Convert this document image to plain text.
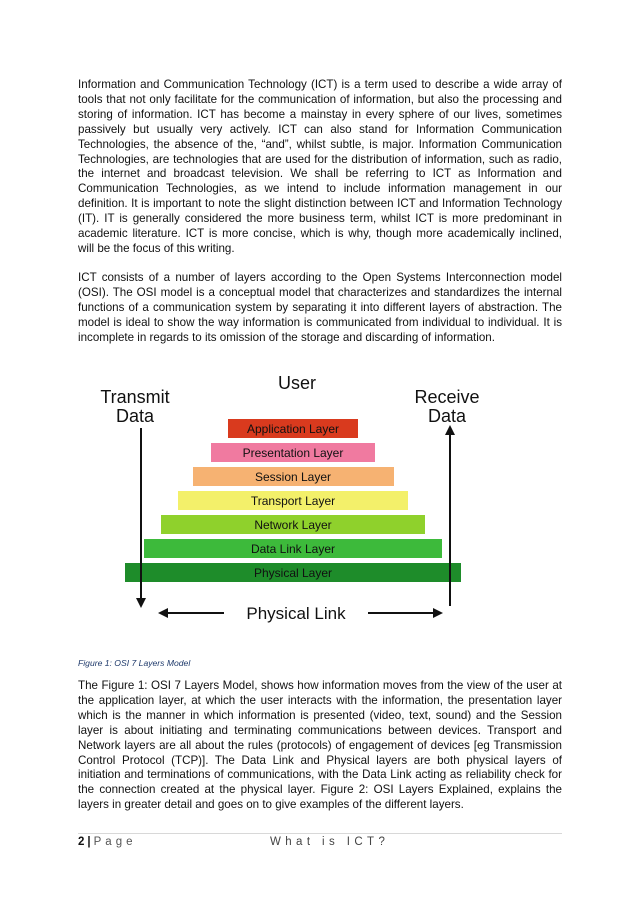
Information and Communication Technology (ICT) is a term used to describe a wide array of tools that not only facilitate for the communication of information, but also the processing and storing of information. ICT has become a mainstay in every sphere of our lives, sometimes passively but usually very actively. ICT can also stand for Information Communication Technologies, the absence of the, “and”, whilst subtle, is major. Information Communication Technologies, are technologies that are used for the distribution of information, such as radio, the internet and broadcast television. We shall be referring to ICT as Information and Communication Technologies, as we intend to include information management in our definition. It is important to note the slight distinction between ICT and Information Technology (IT). IT is generally considered the more business term, whilst ICT is more predominant in academic literature. ICT is more concise, which is why, though more academically inclined, will be the focus of this writing.

ICT consists of a number of layers according to the Open Systems Interconnection model (OSI). The OSI model is a conceptual model that characterizes and standardizes the internal functions of a communication system by separating it into different layers of abstraction. The model is ideal to show the way information is communicated from individual to individual. It is incomplete in regards to its omission of the storage and discarding of information.

User
Transmit
Data
Receive
Data
Application Layer
Presentation Layer
Session Layer
Transport Layer
Network Layer
Data Link Layer
Physical Layer
Physical Link
Figure 1: OSI 7 Layers Model

The Figure 1: OSI 7 Layers Model, shows how information moves from the view of the user at the application layer, at which the user interacts with the information, the presentation layer which is the manner in which information is presented (video, text, sound) and the Session layer is about initiating and terminating communications between devices. Transport and Network layers are all about the rules (protocols) of engagement of devices [eg Transmission Control Protocol (TCP)]. The Data Link and Physical layers are both physical layers of initiation and terminations of communications, with the Data Link acting as reliability check for the connection created at the physical layer. Figure 2: OSI Layers Explained, explains the layers in greater detail and goes on to give examples of the different layers.

2 | Page	What is ICT?
